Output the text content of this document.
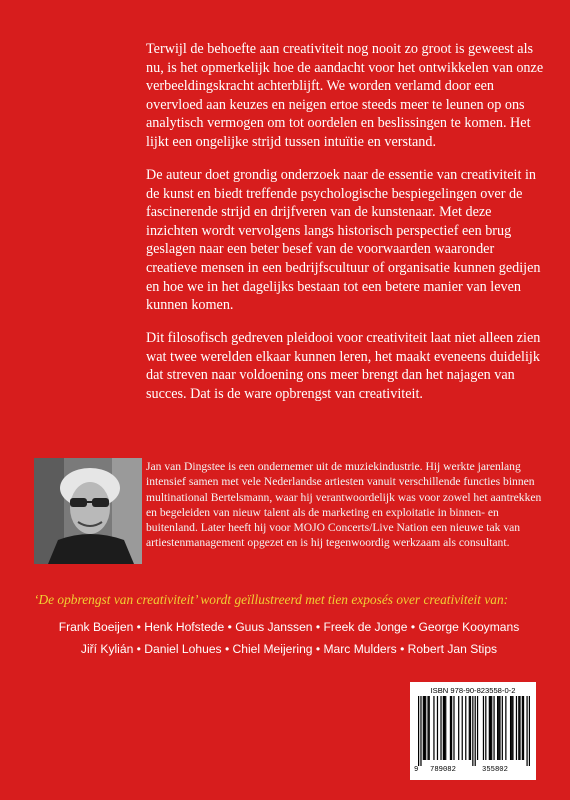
Terwijl de behoefte aan creativiteit nog nooit zo groot is geweest als nu, is het opmerkelijk hoe de aandacht voor het ontwikkelen van onze verbeeldingskracht achterblijft. We worden verlamd door een overvloed aan keuzes en neigen ertoe steeds meer te leunen op ons analytisch vermogen om tot oordelen en beslissingen te komen. Het lijkt een ongelijke strijd tussen intuïtie en verstand.
De auteur doet grondig onderzoek naar de essentie van creativiteit in de kunst en biedt treffende psychologische bespiegelingen over de fascinerende strijd en drijfveren van de kunstenaar. Met deze inzichten wordt vervolgens langs historisch perspectief een brug geslagen naar een beter besef van de voorwaarden waaronder creatieve mensen in een bedrijfscultuur of organisatie kunnen gedijen en hoe we in het dagelijks bestaan tot een betere manier van leven kunnen komen.
Dit filosofisch gedreven pleidooi voor creativiteit laat niet alleen zien wat twee werelden elkaar kunnen leren, het maakt eveneens duidelijk dat streven naar voldoening ons meer brengt dan het najagen van succes. Dat is de ware opbrengst van creativiteit.
Jan van Dingstee is een ondernemer uit de muziekindustrie. Hij werkte jarenlang intensief samen met vele Nederlandse artiesten vanuit verschillende functies binnen multinational Bertelsmann, waar hij verantwoordelijk was voor zowel het aantrekken en begeleiden van nieuw talent als de marketing en exploitatie in binnen- en buitenland. Later heeft hij voor MOJO Concerts/Live Nation een nieuwe tak van artiestenmanagement opgezet en is hij tegenwoordig werkzaam als consultant.
‘De opbrengst van creativiteit’ wordt geïllustreerd met tien exposés over creativiteit van:
Frank Boeijen • Henk Hofstede • Guus Janssen • Freek de Jonge • George Kooymans
Jiří Kylián • Daniel Lohues • Chiel Meijering • Marc Mulders • Robert Jan Stips
ISBN 978-90-823558-0-2
9 789082	355802
